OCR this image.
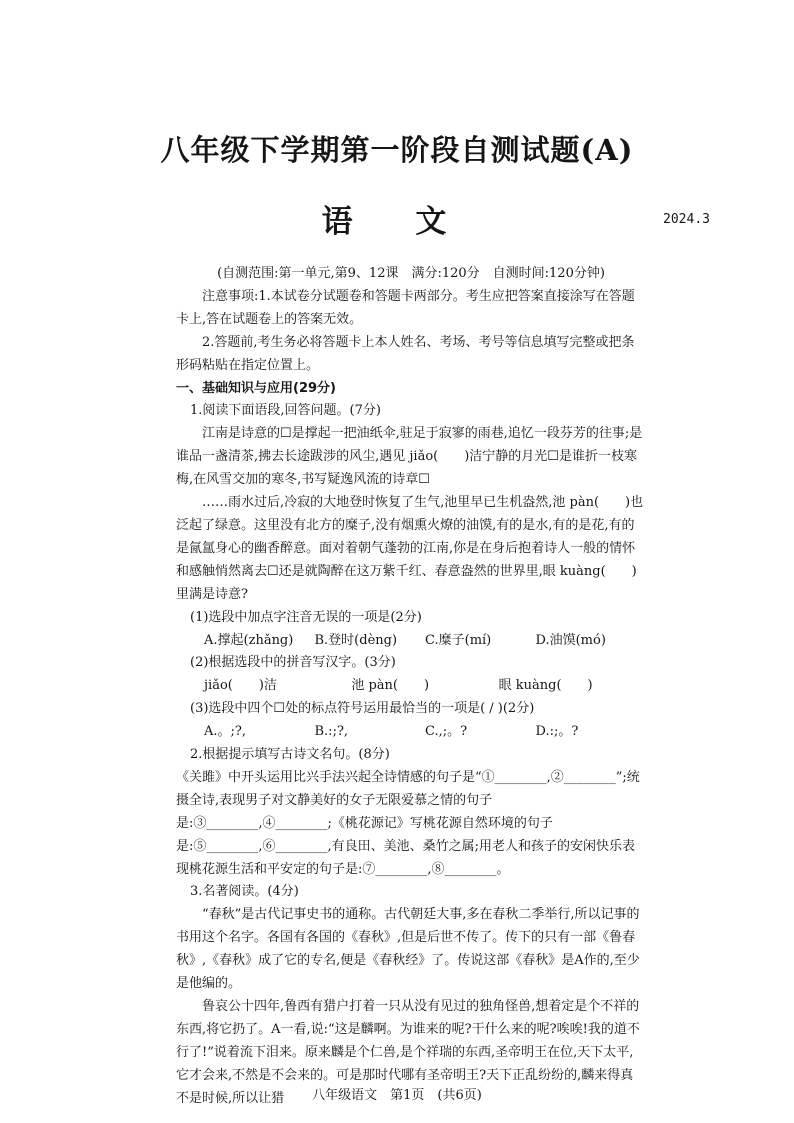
八年级下学期第一阶段自测试题(A)
语 文	2024.3

(自测范围:第一单元,第9、12课　满分:120分　自测时间:120分钟)

注意事项:1.本试卷分试题卷和答题卡两部分。考生应把答案直接涂写在答题卡上,答在试题卷上的答案无效。

2.答题前,考生务必将答题卡上本人姓名、考场、考号等信息填写完整或把条形码粘贴在指定位置上。

一、基础知识与应用(29分)

1.阅读下面语段,回答问题。(7分)

江南是诗意的☐是撑起一把油纸伞,驻足于寂寥的雨巷,追忆一段芬芳的往事;是谁品一盏清茶,拂去长途跋涉的风尘,遇见 jiǎo(　　)洁宁静的月光☐是谁折一枝寒梅,在风雪交加的寒冬,书写疑逸风流的诗章☐

……雨水过后,冷寂的大地登时恢复了生气,池里早已生机盎然,池 pàn(　　)也泛起了绿意。这里没有北方的糜子,没有烟熏火燎的油馍,有的是水,有的是花,有的是氤氲身心的幽香醉意。面对着朝气蓬勃的江南,你是在身后抱着诗人一般的情怀和感触悄然离去☐还是就陶醉在这万紫千红、春意盎然的世界里,眼 kuàng(　　)里满是诗意?

(1)选段中加点字注音无误的一项是(2分)

A.撑起(zhǎng)	B.登时(dèng)	C.糜子(mí)	D.油馍(mó)

(2)根据选段中的拼音写汉字。(3分)

jiǎo(　　)洁	池 pàn(　　)	眼 kuàng(　　)

(3)选段中四个☐处的标点符号运用最恰当的一项是( / )(2分)

A.。;?,	B.:;?,	C.,;。?	D.:;。?

2.根据提示填写古诗文名句。(8分)

《关雎》中开头运用比兴手法兴起全诗情感的句子是“①________,②________”;统摄全诗,表现男子对文静美好的女子无限爱慕之情的句子是:③________,④________;《桃花源记》写桃花源自然环境的句子是:⑤________,⑥________,有良田、美池、桑竹之属;用老人和孩子的安闲快乐表现桃花源生活和平安定的句子是:⑦________,⑧________。

3.名著阅读。(4分)

“春秋”是古代记事史书的通称。古代朝廷大事,多在春秋二季举行,所以记事的书用这个名字。各国有各国的《春秋》,但是后世不传了。传下的只有一部《鲁春秋》,《春秋》成了它的专名,便是《春秋经》了。传说这部《春秋》是A作的,至少是他编的。

鲁哀公十四年,鲁西有猎户打着一只从没有见过的独角怪兽,想着定是个不祥的东西,将它扔了。A一看,说:“这是麟啊。为谁来的呢?干什么来的呢?唉唉!我的道不行了!”说着流下泪来。原来麟是个仁兽,是个祥瑞的东西,圣帝明王在位,天下太平,它才会来,不然是不会来的。可是那时代哪有圣帝明王?天下正乱纷纷的,麟来得真不是时候,所以让猎	八年级语文　第1页　(共6页)
